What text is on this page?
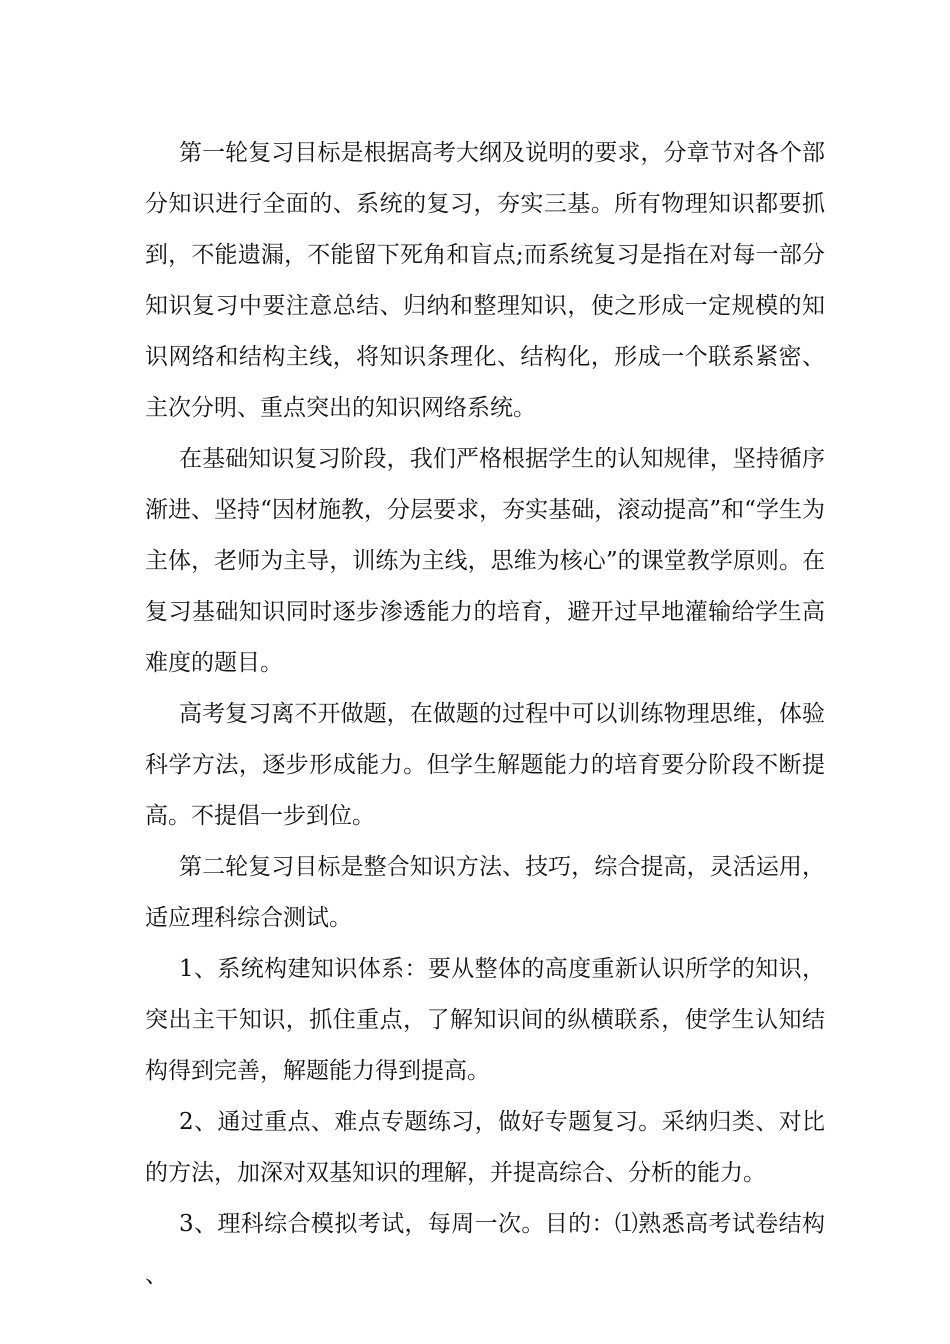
第一轮复习目标是根据高考大纲及说明的要求，分章节对各个部分知识进行全面的、系统的复习，夯实三基。所有物理知识都要抓到，不能遗漏，不能留下死角和盲点;而系统复习是指在对每一部分知识复习中要注意总结、归纳和整理知识，使之形成一定规模的知识网络和结构主线，将知识条理化、结构化，形成一个联系紧密、主次分明、重点突出的知识网络系统。

在基础知识复习阶段，我们严格根据学生的认知规律，坚持循序渐进、坚持“因材施教，分层要求，夯实基础，滚动提高”和“学生为主体，老师为主导，训练为主线，思维为核心”的课堂教学原则。在复习基础知识同时逐步渗透能力的培育，避开过早地灌输给学生高难度的题目。

高考复习离不开做题，在做题的过程中可以训练物理思维，体验科学方法，逐步形成能力。但学生解题能力的培育要分阶段不断提高。不提倡一步到位。

第二轮复习目标是整合知识方法、技巧，综合提高，灵活运用，适应理科综合测试。

1、系统构建知识体系：要从整体的高度重新认识所学的知识，突出主干知识，抓住重点，了解知识间的纵横联系，使学生认知结构得到完善，解题能力得到提高。

2、通过重点、难点专题练习，做好专题复习。采纳归类、对比的方法，加深对双基知识的理解，并提高综合、分析的能力。

3、理科综合模拟考试，每周一次。目的：⑴熟悉高考试卷结构、
